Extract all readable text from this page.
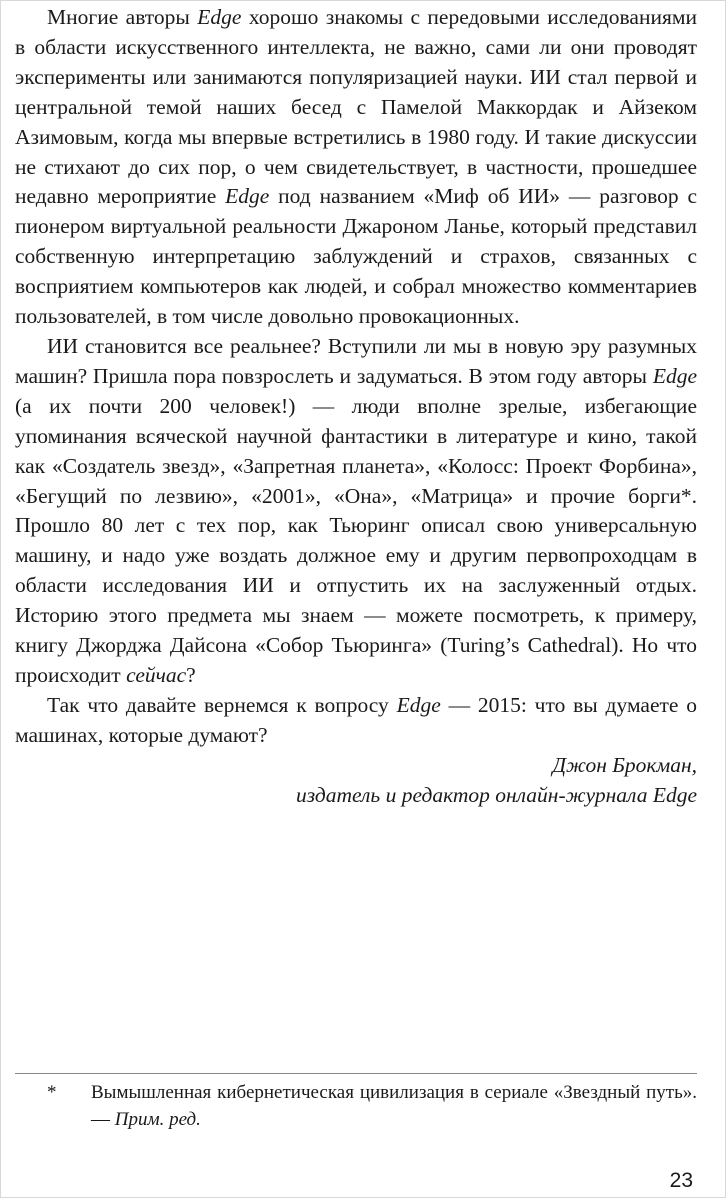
Многие авторы Edge хорошо знакомы с передовыми исследованиями в области искусственного интеллекта, не важно, сами ли они проводят эксперименты или занимаются популяризацией науки. ИИ стал первой и центральной темой наших бесед с Памелой Маккордак и Айзеком Азимовым, когда мы впервые встретились в 1980 году. И такие дискуссии не стихают до сих пор, о чем свидетельствует, в частности, прошедшее недавно мероприятие Edge под названием «Миф об ИИ» — разговор с пионером виртуальной реальности Джароном Ланье, который представил собственную интерпретацию заблуждений и страхов, связанных с восприятием компьютеров как людей, и собрал множество комментариев пользователей, в том числе довольно провокационных.

ИИ становится все реальнее? Вступили ли мы в новую эру разумных машин? Пришла пора повзрослеть и задуматься. В этом году авторы Edge (а их почти 200 человек!) — люди вполне зрелые, избегающие упоминания всяческой научной фантастики в литературе и кино, такой как «Создатель звезд», «Запретная планета», «Колосс: Проект Форбина», «Бегущий по лезвию», «2001», «Она», «Матрица» и прочие борги*. Прошло 80 лет с тех пор, как Тьюринг описал свою универсальную машину, и надо уже воздать должное ему и другим первопроходцам в области исследования ИИ и отпустить их на заслуженный отдых. Историю этого предмета мы знаем — можете посмотреть, к примеру, книгу Джорджа Дайсона «Собор Тьюринга» (Turing’s Cathedral). Но что происходит сейчас?

Так что давайте вернемся к вопросу Edge — 2015: что вы думаете о машинах, которые думают?

Джон Брокман,

издатель и редактор онлайн-журнала Edge

* Вымышленная кибернетическая цивилизация в сериале «Звездный путь». — Прим. ред.

23
